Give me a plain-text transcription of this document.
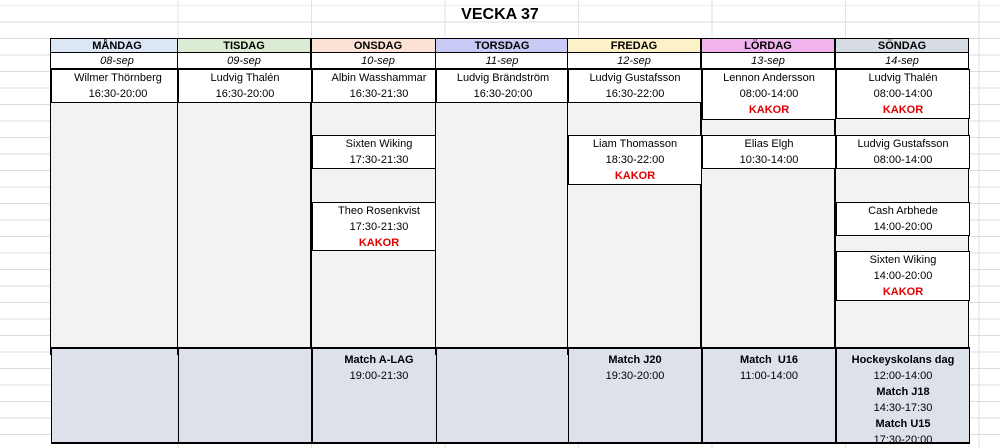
VECKA 37
MÅNDAG
08-sep
Wilmer Thörnberg
16:30-20:00
TISDAG
09-sep
Ludvig Thalén
16:30-20:00
ONSDAG
10-sep
Albin Wasshammar
16:30-21:30
Sixten Wiking
17:30-21:30
Theo Rosenkvist
17:30-21:30
KAKOR
Match A-LAG
19:00-21:30
TORSDAG
11-sep
Ludvig Brändström
16:30-20:00
FREDAG
12-sep
Ludvig Gustafsson
16:30-22:00
Liam Thomasson
18:30-22:00
KAKOR
Match J20
19:30-20:00
LÖRDAG
13-sep
Lennon Andersson
08:00-14:00
KAKOR
Elias Elgh
10:30-14:00
Match  U16
11:00-14:00
SÖNDAG
14-sep
Ludvig Thalén
08:00-14:00
KAKOR
Ludvig Gustafsson
08:00-14:00
Cash Arbhede
14:00-20:00
Sixten Wiking
14:00-20:00
KAKOR
Hockeyskolans dag
12:00-14:00
Match J18
14:30-17:30
Match U15
17:30-20:00
